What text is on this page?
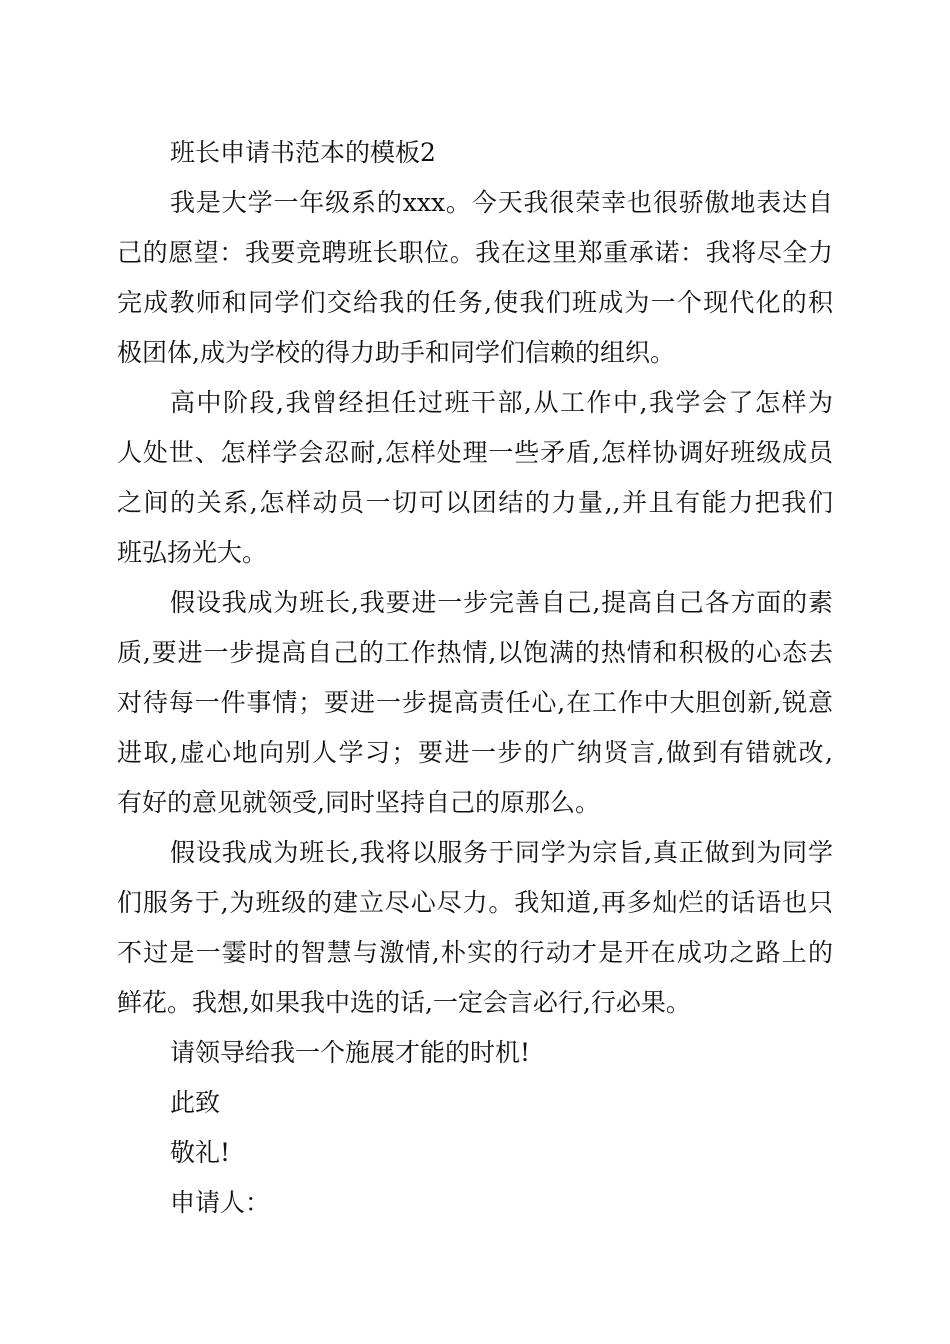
班长申请书范本的模板2
我是大学一年级系的xxx。今天我很荣幸也很骄傲地表达自
己的愿望：我要竞聘班长职位。我在这里郑重承诺：我将尽全力
完成教师和同学们交给我的任务,使我们班成为一个现代化的积
极团体,成为学校的得力助手和同学们信赖的组织。
高中阶段,我曾经担任过班干部,从工作中,我学会了怎样为
人处世、怎样学会忍耐,怎样处理一些矛盾,怎样协调好班级成员
之间的关系,怎样动员一切可以团结的力量,,并且有能力把我们
班弘扬光大。
假设我成为班长,我要进一步完善自己,提高自己各方面的素
质,要进一步提高自己的工作热情,以饱满的热情和积极的心态去
对待每一件事情；要进一步提高责任心,在工作中大胆创新,锐意
进取,虚心地向别人学习；要进一步的广纳贤言,做到有错就改,
有好的意见就领受,同时坚持自己的原那么。
假设我成为班长,我将以服务于同学为宗旨,真正做到为同学
们服务于,为班级的建立尽心尽力。我知道,再多灿烂的话语也只
不过是一霎时的智慧与激情,朴实的行动才是开在成功之路上的
鲜花。我想,如果我中选的话,一定会言必行,行必果。
请领导给我一个施展才能的时机!
此致
敬礼!
申请人：
